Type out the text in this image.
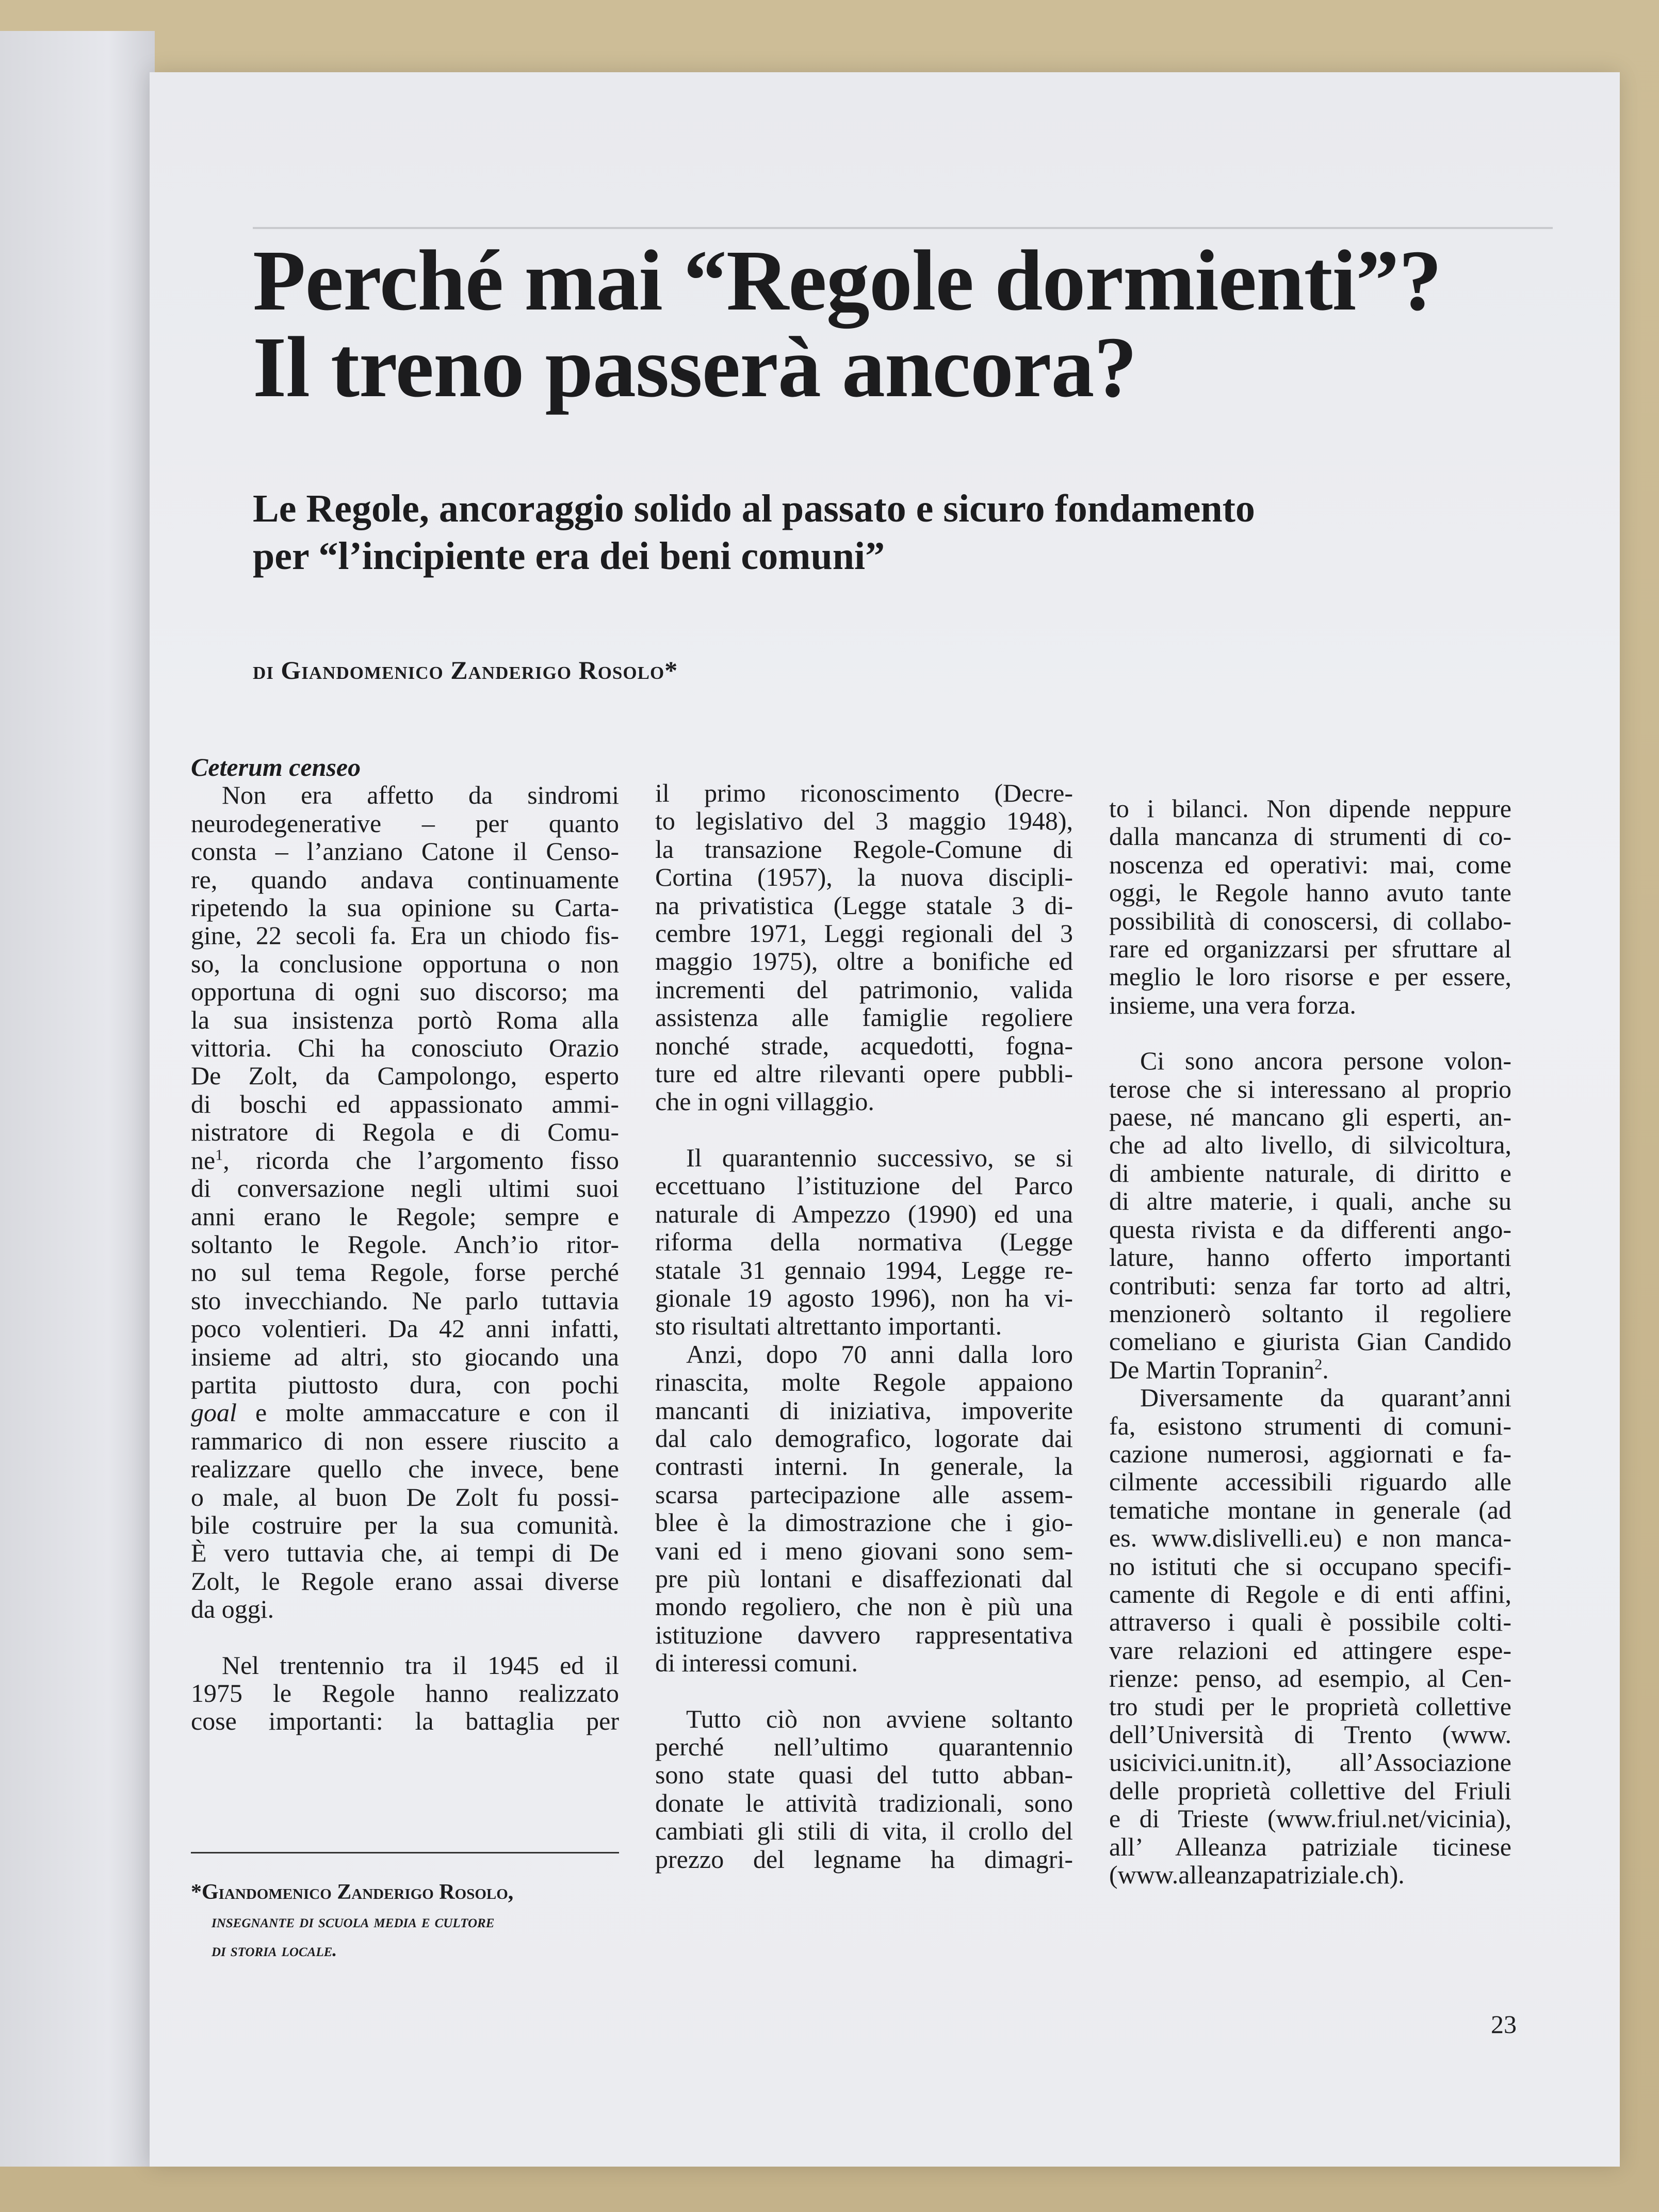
Perché mai “Regole dormienti”?
Il treno passerà ancora?
Le Regole, ancoraggio solido al passato e sicuro fondamento
per “l’incipiente era dei beni comuni”
di Giandomenico Zanderigo Rosolo*
Ceterum censeo
Non era affetto da sindromi
neurodegenerative – per quanto
consta – l’anziano Catone il Censo-
re, quando andava continuamente
ripetendo la sua opinione su Carta-
gine, 22 secoli fa. Era un chiodo fis-
so, la conclusione opportuna o non
opportuna di ogni suo discorso; ma
la sua insistenza portò Roma alla
vittoria. Chi ha conosciuto Orazio
De Zolt, da Campolongo, esperto
di boschi ed appassionato ammi-
nistratore di Regola e di Comu-
$ne^1$, ricorda che l’argomento fisso
di conversazione negli ultimi suoi
anni erano le Regole; sempre e
soltanto le Regole. Anch’io ritor-
no sul tema Regole, forse perché
sto invecchiando. Ne parlo tuttavia
poco volentieri. Da 42 anni infatti,
insieme ad altri, sto giocando una
partita piuttosto dura, con pochi
goal e molte ammaccature e con il
rammarico di non essere riuscito a
realizzare quello che invece, bene
o male, al buon De Zolt fu possi-
bile costruire per la sua comunità.
È vero tuttavia che, ai tempi di De
Zolt, le Regole erano assai diverse
da oggi.
Nel trentennio tra il 1945 ed il
1975 le Regole hanno realizzato
cose importanti: la battaglia per
il primo riconoscimento (Decre-
to legislativo del 3 maggio 1948),
la transazione Regole-Comune di
Cortina (1957), la nuova discipli-
na privatistica (Legge statale 3 di-
cembre 1971, Leggi regionali del 3
maggio 1975), oltre a bonifiche ed
incrementi del patrimonio, valida
assistenza alle famiglie regoliere
nonché strade, acquedotti, fogna-
ture ed altre rilevanti opere pubbli-
che in ogni villaggio.
Il quarantennio successivo, se si
eccettuano l’istituzione del Parco
naturale di Ampezzo (1990) ed una
riforma della normativa (Legge
statale 31 gennaio 1994, Legge re-
gionale 19 agosto 1996), non ha vi-
sto risultati altrettanto importanti.
Anzi, dopo 70 anni dalla loro
rinascita, molte Regole appaiono
mancanti di iniziativa, impoverite
dal calo demografico, logorate dai
contrasti interni. In generale, la
scarsa partecipazione alle assem-
blee è la dimostrazione che i gio-
vani ed i meno giovani sono sem-
pre più lontani e disaffezionati dal
mondo regoliero, che non è più una
istituzione davvero rappresentativa
di interessi comuni.
Tutto ciò non avviene soltanto
perché nell’ultimo quarantennio
sono state quasi del tutto abban-
donate le attività tradizionali, sono
cambiati gli stili di vita, il crollo del
prezzo del legname ha dimagri-
to i bilanci. Non dipende neppure
dalla mancanza di strumenti di co-
noscenza ed operativi: mai, come
oggi, le Regole hanno avuto tante
possibilità di conoscersi, di collabo-
rare ed organizzarsi per sfruttare al
meglio le loro risorse e per essere,
insieme, una vera forza.
Ci sono ancora persone volon-
terose che si interessano al proprio
paese, né mancano gli esperti, an-
che ad alto livello, di silvicoltura,
di ambiente naturale, di diritto e
di altre materie, i quali, anche su
questa rivista e da differenti ango-
lature, hanno offerto importanti
contributi: senza far torto ad altri,
menzionerò soltanto il regoliere
comeliano e giurista Gian Candido
De Martin Topranin$^2$.
Diversamente da quarant’anni
fa, esistono strumenti di comuni-
cazione numerosi, aggiornati e fa-
cilmente accessibili riguardo alle
tematiche montane in generale (ad
es. www.dislivelli.eu) e non manca-
no istituti che si occupano specifi-
camente di Regole e di enti affini,
attraverso i quali è possibile colti-
vare relazioni ed attingere espe-
rienze: penso, ad esempio, al Cen-
tro studi per le proprietà collettive
dell’Università di Trento (www.
usicivici.unitn.it), all’Associazione
delle proprietà collettive del Friuli
e di Trieste (www.friul.net/vicinia),
all’ Alleanza patriziale ticinese
(www.alleanzapatriziale.ch).
*Giandomenico Zanderigo Rosolo,
insegnante di scuola media e cultore
di storia locale.
23
